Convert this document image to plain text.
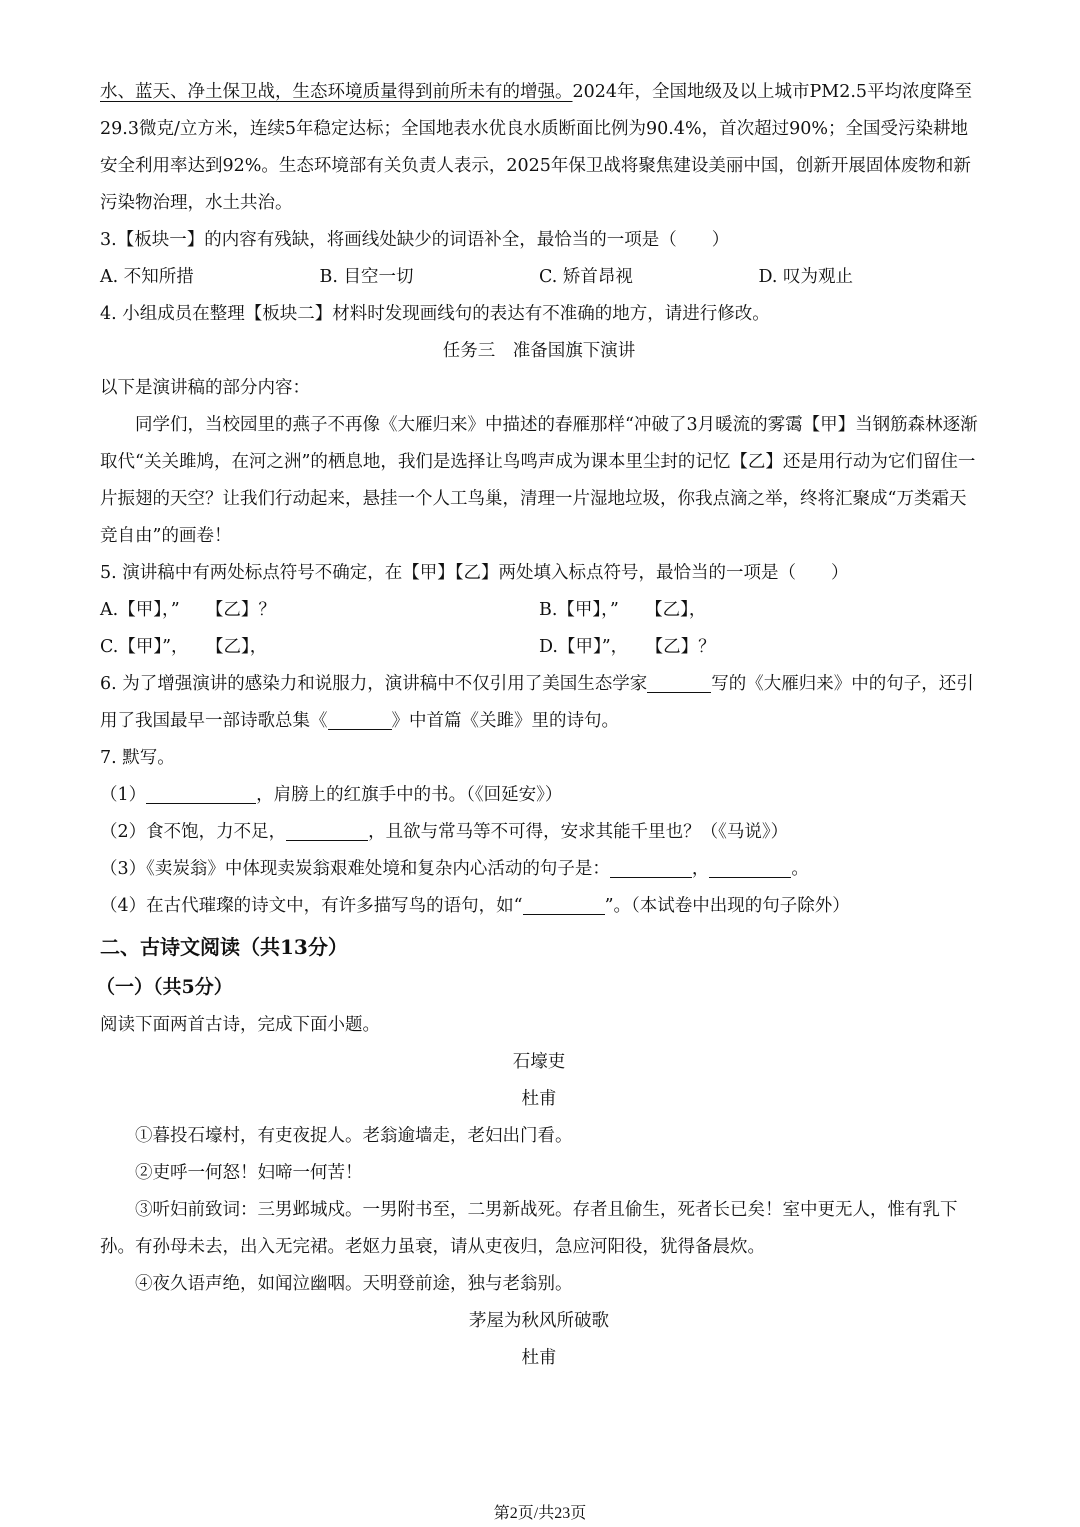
水、蓝天、净土保卫战，生态环境质量得到前所未有的增强。2024年，全国地级及以上城市PM2.5平均浓度降至29.3微克/立方米，连续5年稳定达标；全国地表水优良水质断面比例为90.4%，首次超过90%；全国受污染耕地安全利用率达到92%。生态环境部有关负责人表示，2025年保卫战将聚焦建设美丽中国，创新开展固体废物和新污染物治理，水土共治。

3.【板块一】的内容有残缺，将画线处缺少的词语补全，最恰当的一项是（　　）

A. 不知所措	B. 目空一切	C. 矫首昂视	D. 叹为观止

4. 小组成员在整理【板块二】材料时发现画线句的表达有不准确的地方，请进行修改。

任务三　准备国旗下演讲

以下是演讲稿的部分内容：

同学们，当校园里的燕子不再像《大雁归来》中描述的春雁那样“冲破了3月暖流的雾霭【甲】当钢筋森林逐渐取代“关关雎鸠，在河之洲”的栖息地，我们是选择让鸟鸣声成为课本里尘封的记忆【乙】还是用行动为它们留住一片振翅的天空？让我们行动起来，悬挂一个人工鸟巢，清理一片湿地垃圾，你我点滴之举，终将汇聚成“万类霜天竞自由”的画卷！

5. 演讲稿中有两处标点符号不确定，在【甲】【乙】两处填入标点符号，最恰当的一项是（　　）

A.【甲】，”　　【乙】？	B.【甲】，”　　【乙】，
C.【甲】”，　　【乙】，	D.【甲】”，　　【乙】？

6. 为了增强演讲的感染力和说服力，演讲稿中不仅引用了美国生态学家	写的《大雁归来》中的句子，还引用了我国最早一部诗歌总集《	》中首篇《关雎》里的诗句。

7. 默写。

（1）	，肩膀上的红旗手中的书。（《回延安》）

（2）食不饱，力不足，	，且欲与常马等不可得，安求其能千里也？（《马说》）

（3）《卖炭翁》中体现卖炭翁艰难处境和复杂内心活动的句子是：	，	。

（4）在古代璀璨的诗文中，有许多描写鸟的语句，如“	”。（本试卷中出现的句子除外）

二、古诗文阅读（共13分）

（一）（共5分）

阅读下面两首古诗，完成下面小题。

石壕吏

杜甫

①暮投石壕村，有吏夜捉人。老翁逾墙走，老妇出门看。

②吏呼一何怒！妇啼一何苦！

③听妇前致词：三男邺城戍。一男附书至，二男新战死。存者且偷生，死者长已矣！室中更无人，惟有乳下孙。有孙母未去，出入无完裙。老妪力虽衰，请从吏夜归，急应河阳役，犹得备晨炊。

④夜久语声绝，如闻泣幽咽。天明登前途，独与老翁别。

茅屋为秋风所破歌

杜甫

第2页/共23页
